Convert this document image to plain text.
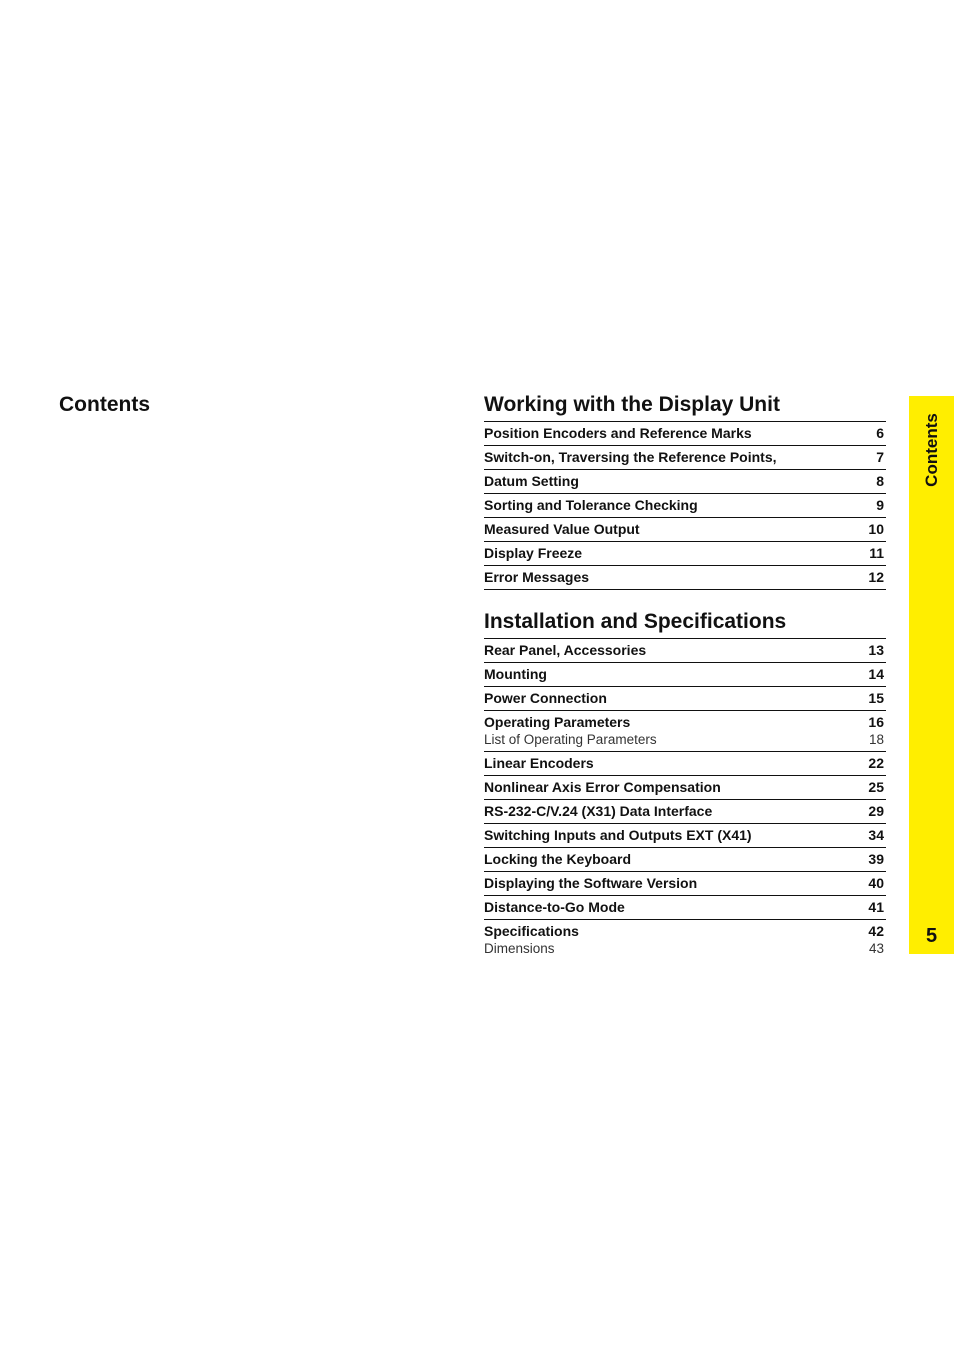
Contents	Working with the Display Unit
Position Encoders and Reference Marks	6
Switch-on, Traversing the Reference Points,	7
Datum Setting	8
Sorting and Tolerance Checking	9
Measured Value Output	10
Display Freeze	11
Error Messages	12
Installation and Specifications
Rear Panel, Accessories	13
Mounting	14
Power Connection	15
Operating Parameters	16
List of Operating Parameters	18
Linear Encoders	22
Nonlinear Axis Error Compensation	25
RS-232-C/V.24 (X31) Data Interface	29
Switching Inputs and Outputs EXT (X41)	34
Locking the Keyboard	39
Displaying the Software Version	40
Distance-to-Go Mode	41
Specifications	42
Dimensions	43
Contents
5
